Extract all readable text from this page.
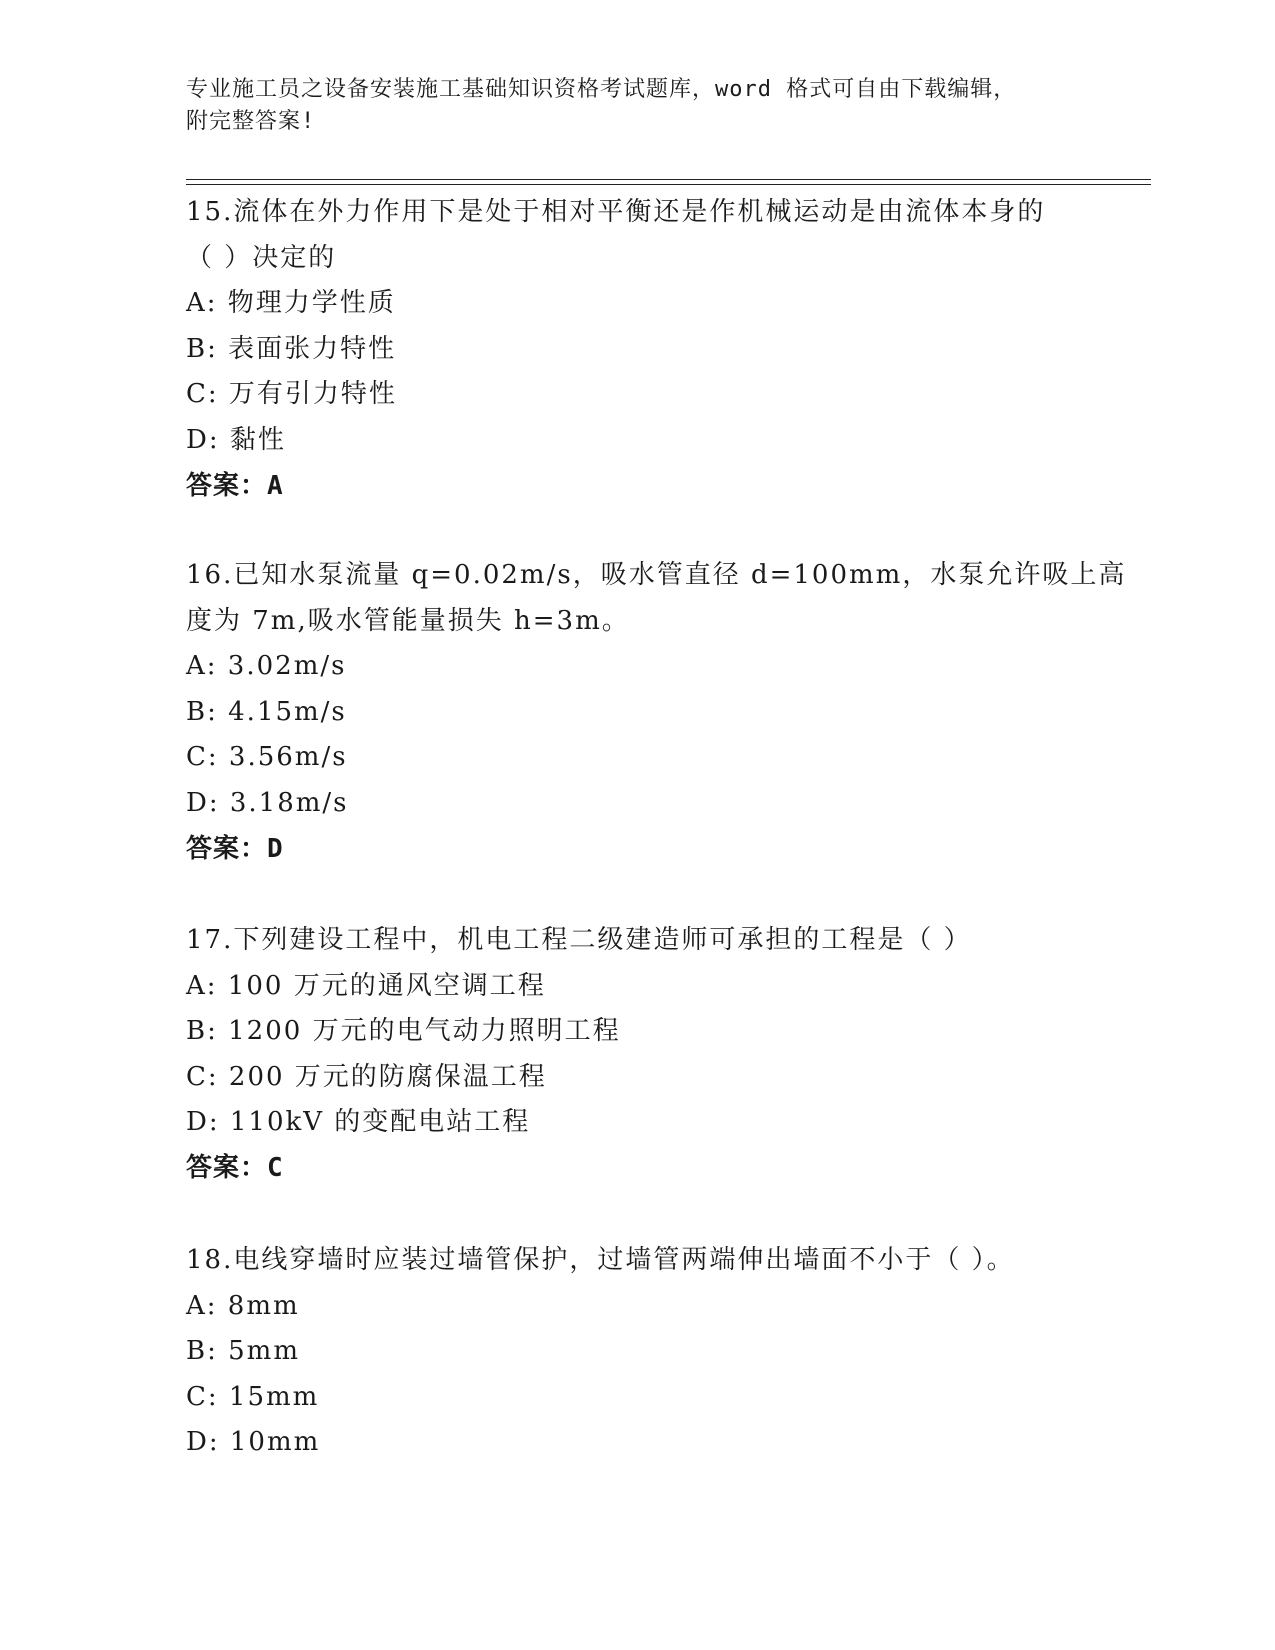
专业施工员之设备安装施工基础知识资格考试题库，word 格式可自由下载编辑，
附完整答案!
15.流体在外力作用下是处于相对平衡还是作机械运动是由流体本身的
（ ）决定的
A: 物理力学性质
B: 表面张力特性
C: 万有引力特性
D: 黏性
答案：A
16.已知水泵流量 q=0.02m/s，吸水管直径 d=100mm，水泵允许吸上高
度为 7m,吸水管能量损失 h=3m。
A: 3.02m/s
B: 4.15m/s
C: 3.56m/s
D: 3.18m/s
答案：D
17.下列建设工程中，机电工程二级建造师可承担的工程是（ ）
A: 100 万元的通风空调工程
B: 1200 万元的电气动力照明工程
C: 200 万元的防腐保温工程
D: 110kV 的变配电站工程
答案：C
18.电线穿墙时应装过墙管保护，过墙管两端伸出墙面不小于（ ）。
A: 8mm
B: 5mm
C: 15mm
D: 10mm
